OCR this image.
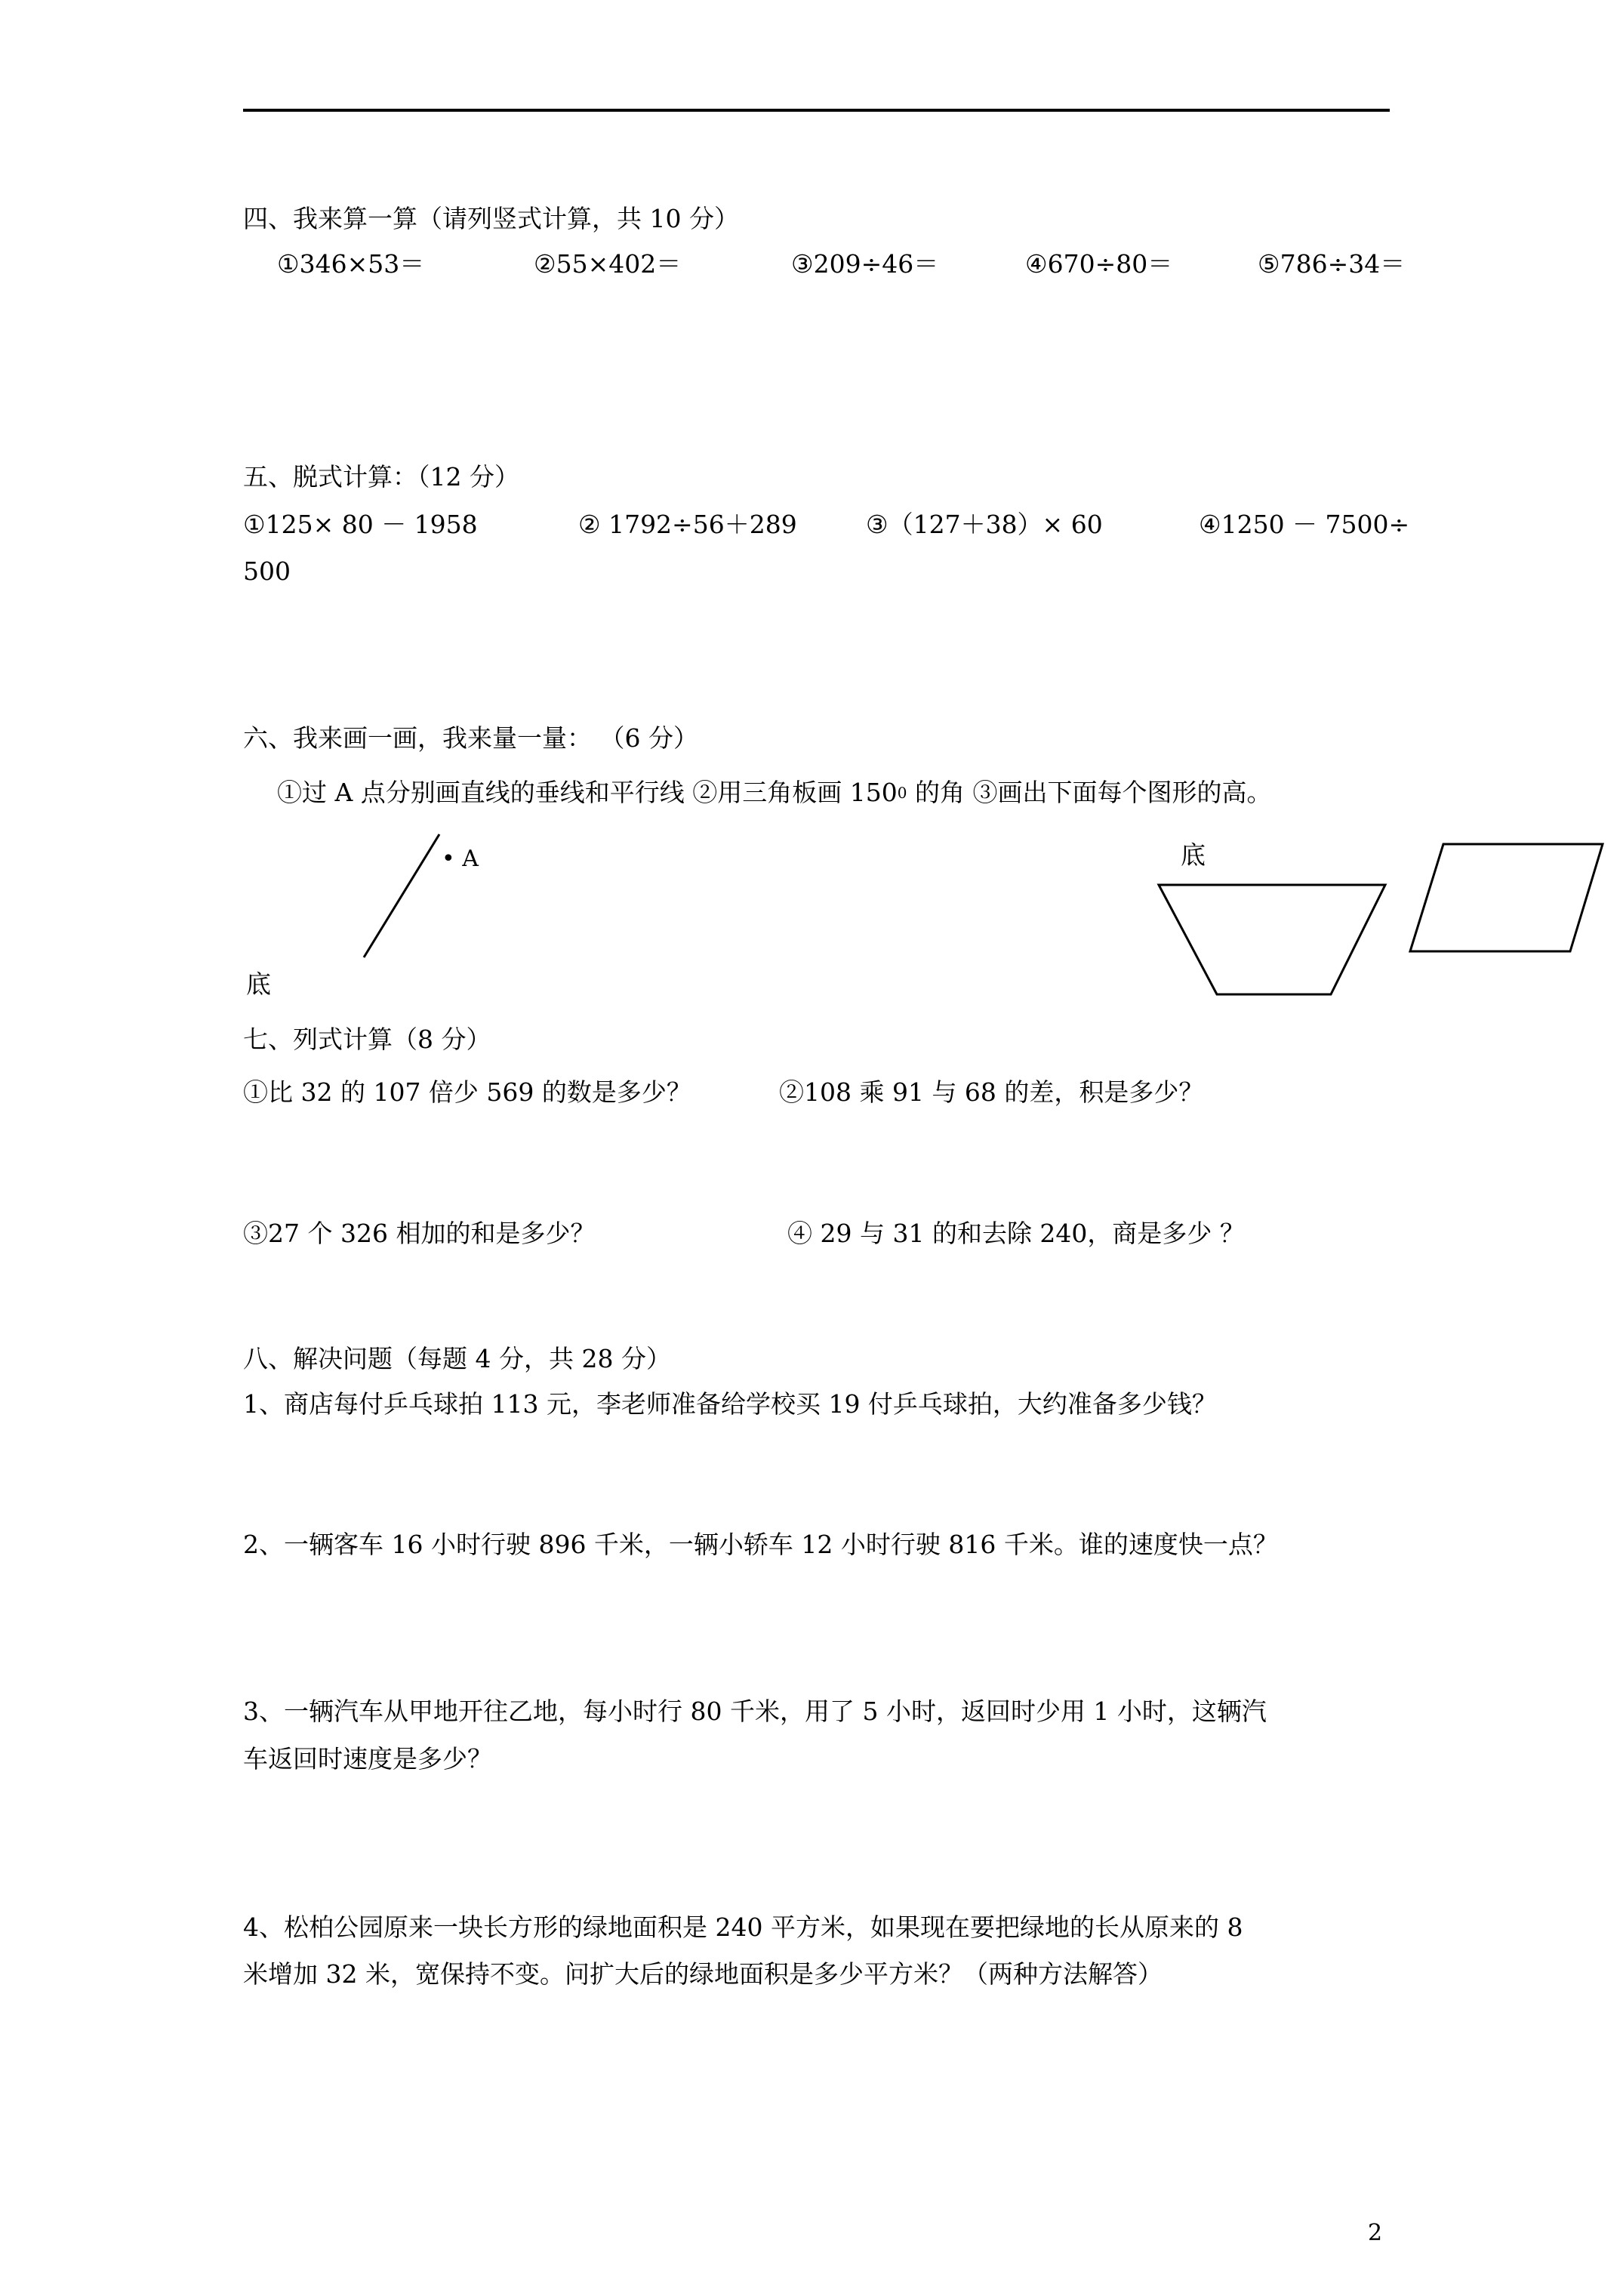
四、我来算一算（请列竖式计算，共 10 分）
①346×53＝	②55×402＝	③209÷46＝	④670÷80＝	⑤786÷34＝
五、脱式计算：（12 分）
①125× 80 － 1958	② 1792÷56＋289	③（127＋38）× 60	④1250 － 7500÷
500
六、我来画一画，我来量一量： （6 分）
①过 A 点分别画直线的垂线和平行线 ②用三角板画 $150^0$ 的角 ③画出下面每个图形的高。
• A	底
底
七、列式计算（8 分）
①比 32 的 107 倍少 569 的数是多少？	②108 乘 91 与 68 的差，积是多少？
③27 个 326 相加的和是多少？	④ 29 与 31 的和去除 240，商是多少 ？
八、解决问题（每题 4 分，共 28 分）
1、商店每付乒乓球拍 113 元，李老师准备给学校买 19 付乒乓球拍，大约准备多少钱？
2、一辆客车 16 小时行驶 896 千米，一辆小轿车 12 小时行驶 816 千米。谁的速度快一点？
3、一辆汽车从甲地开往乙地，每小时行 80 千米，用了 5 小时，返回时少用 1 小时，这辆汽
车返回时速度是多少？
4、松柏公园原来一块长方形的绿地面积是 240 平方米，如果现在要把绿地的长从原来的 8
米增加 32 米，宽保持不变。问扩大后的绿地面积是多少平方米？（两种方法解答）
2
